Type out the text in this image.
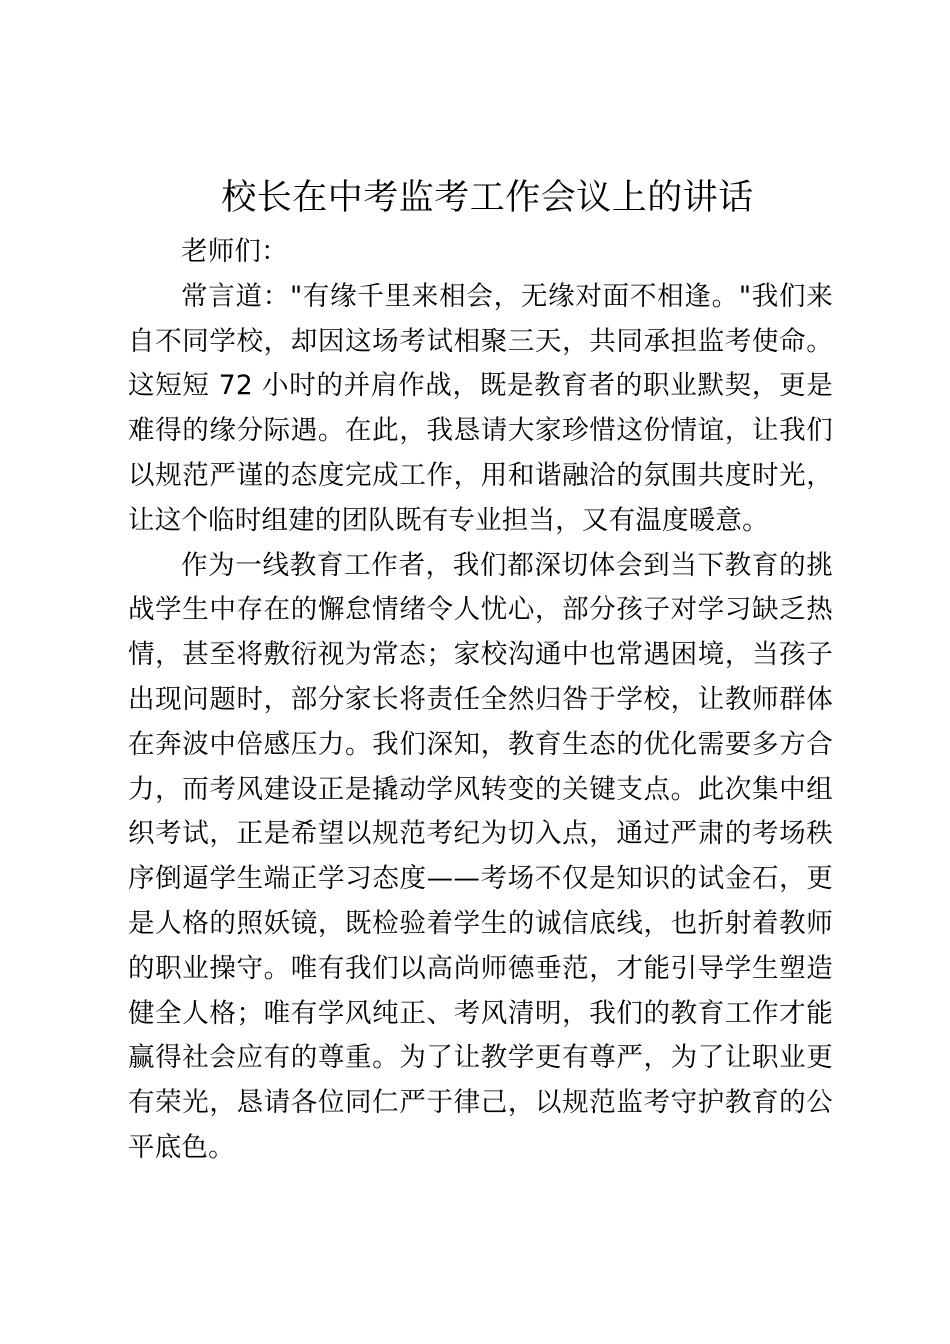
校长在中考监考工作会议上的讲话

老师们：

常言道："有缘千里来相会，无缘对面不相逢。"我们来自不同学校，却因这场考试相聚三天，共同承担监考使命。这短短 72 小时的并肩作战，既是教育者的职业默契，更是难得的缘分际遇。在此，我恳请大家珍惜这份情谊，让我们以规范严谨的态度完成工作，用和谐融洽的氛围共度时光，让这个临时组建的团队既有专业担当，又有温度暖意。

作为一线教育工作者，我们都深切体会到当下教育的挑战学生中存在的懈怠情绪令人忧心，部分孩子对学习缺乏热情，甚至将敷衍视为常态；家校沟通中也常遇困境，当孩子出现问题时，部分家长将责任全然归咎于学校，让教师群体在奔波中倍感压力。我们深知，教育生态的优化需要多方合力，而考风建设正是撬动学风转变的关键支点。此次集中组织考试，正是希望以规范考纪为切入点，通过严肃的考场秩序倒逼学生端正学习态度——考场不仅是知识的试金石，更是人格的照妖镜，既检验着学生的诚信底线，也折射着教师的职业操守。唯有我们以高尚师德垂范，才能引导学生塑造健全人格；唯有学风纯正、考风清明，我们的教育工作才能赢得社会应有的尊重。为了让教学更有尊严，为了让职业更有荣光，恳请各位同仁严于律己，以规范监考守护教育的公平底色。
